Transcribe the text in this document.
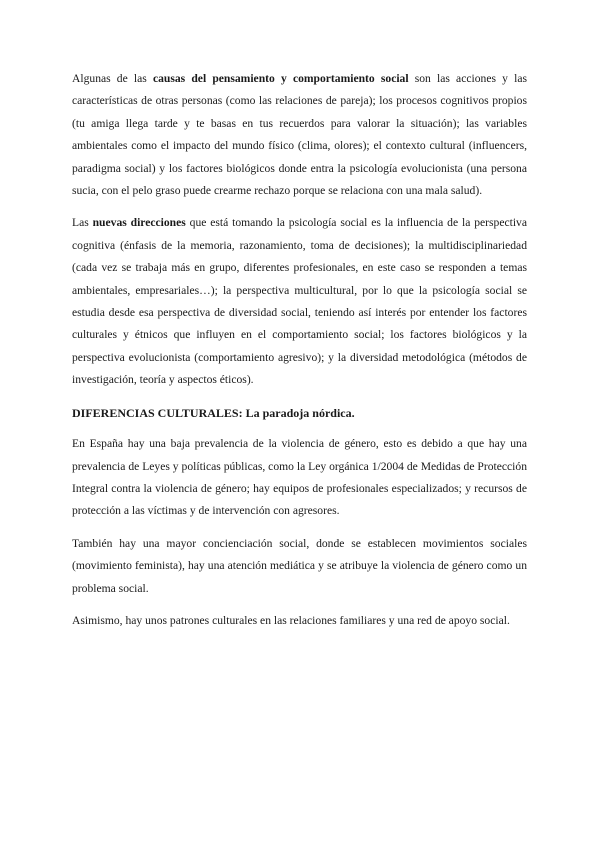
Algunas de las causas del pensamiento y comportamiento social son las acciones y las características de otras personas (como las relaciones de pareja); los procesos cognitivos propios (tu amiga llega tarde y te basas en tus recuerdos para valorar la situación); las variables ambientales como el impacto del mundo físico (clima, olores); el contexto cultural (influencers, paradigma social) y los factores biológicos donde entra la psicología evolucionista (una persona sucia, con el pelo graso puede crearme rechazo porque se relaciona con una mala salud).

Las nuevas direcciones que está tomando la psicología social es la influencia de la perspectiva cognitiva (énfasis de la memoria, razonamiento, toma de decisiones); la multidisciplinariedad (cada vez se trabaja más en grupo, diferentes profesionales, en este caso se responden a temas ambientales, empresariales…); la perspectiva multicultural, por lo que la psicología social se estudia desde esa perspectiva de diversidad social, teniendo así interés por entender los factores culturales y étnicos que influyen en el comportamiento social; los factores biológicos y la perspectiva evolucionista (comportamiento agresivo); y la diversidad metodológica (métodos de investigación, teoría y aspectos éticos).

DIFERENCIAS CULTURALES: La paradoja nórdica.

En España hay una baja prevalencia de la violencia de género, esto es debido a que hay una prevalencia de Leyes y políticas públicas, como la Ley orgánica 1/2004 de Medidas de Protección Integral contra la violencia de género; hay equipos de profesionales especializados; y recursos de protección a las víctimas y de intervención con agresores.

También hay una mayor concienciación social, donde se establecen movimientos sociales (movimiento feminista), hay una atención mediática y se atribuye la violencia de género como un problema social.

Asimismo, hay unos patrones culturales en las relaciones familiares y una red de apoyo social.
